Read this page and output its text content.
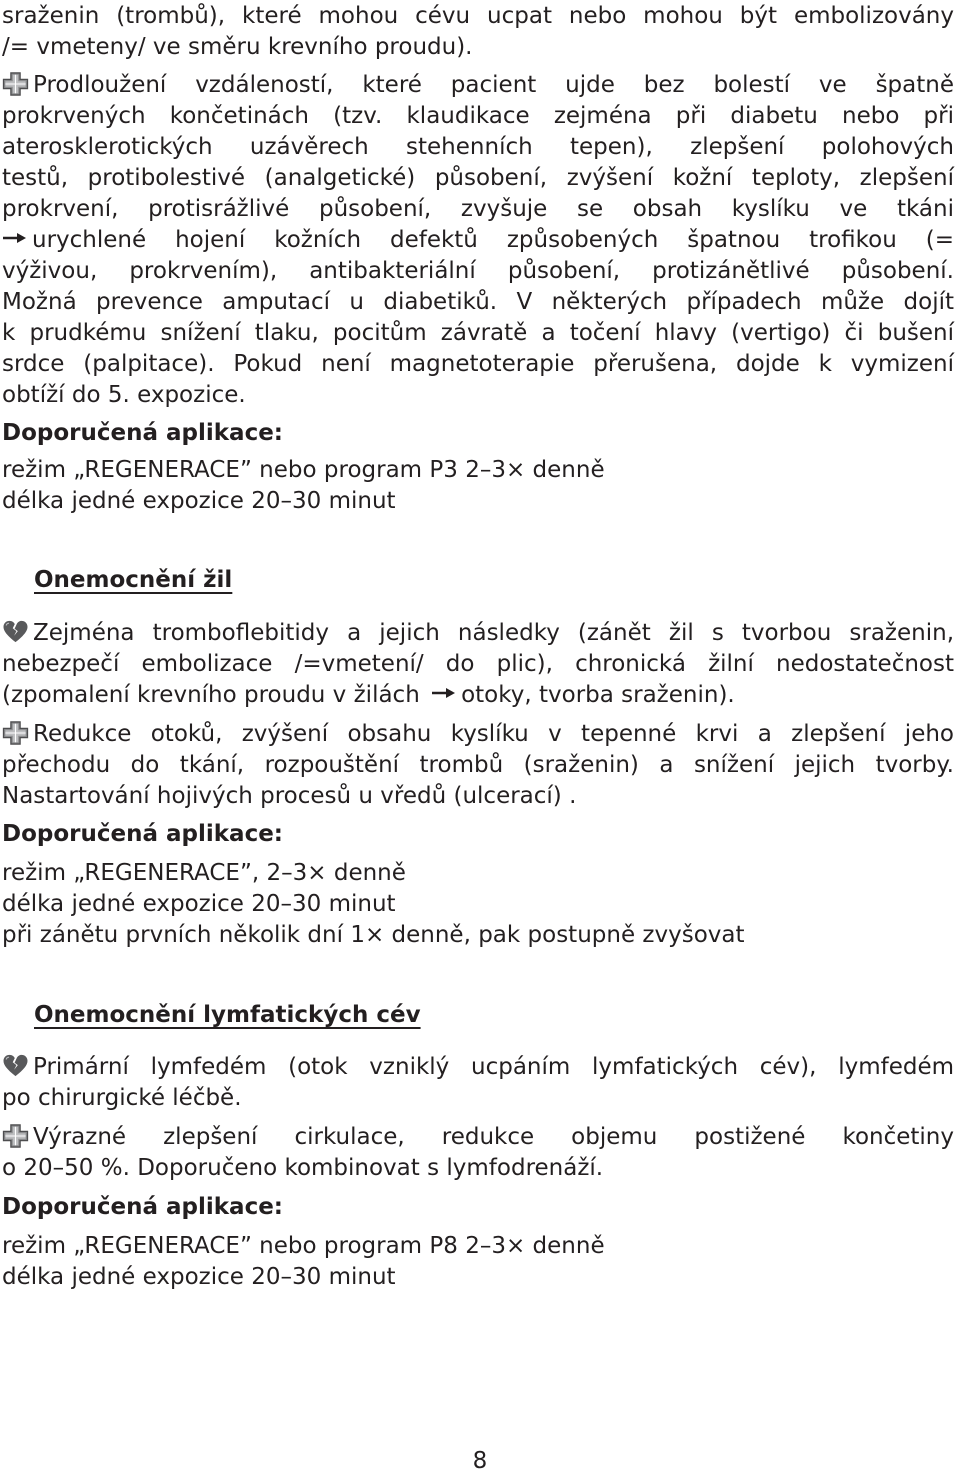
sraženin (trombů), které mohou cévu ucpat nebo mohou být embolizovány
/= vmeteny/ ve směru krevního proudu).
Prodloužení vzdáleností, které pacient ujde bez bolestí ve špatně
prokrvených končetinách (tzv. klaudikace zejména při diabetu nebo při
aterosklerotických uzávěrech stehenních tepen), zlepšení polohových
testů, protibolestivé (analgetické) působení, zvýšení kožní teploty, zlepšení
prokrvení, protisrážlivé působení, zvyšuje se obsah kyslíku ve tkáni
urychlené hojení kožních defektů způsobených špatnou trofikou (=
výživou, prokrvením), antibakteriální působení, protizánětlivé působení.
Možná prevence amputací u diabetiků. V některých případech může dojít
k prudkému snížení tlaku, pocitům závratě a točení hlavy (vertigo) či bušení
srdce (palpitace). Pokud není magnetoterapie přerušena, dojde k vymizení
obtíží do 5. expozice.
Doporučená aplikace:
režim „REGENERACE” nebo program P3 2–3× denně
délka jedné expozice 20–30 minut
Onemocnění žil
Zejména tromboflebitidy a jejich následky (zánět žil s tvorbou sraženin,
nebezpečí embolizace /=vmetení/ do plic), chronická žilní nedostatečnost
(zpomalení krevního proudu v žilách otoky, tvorba sraženin).
Redukce otoků, zvýšení obsahu kyslíku v tepenné krvi a zlepšení jeho
přechodu do tkání, rozpouštění trombů (sraženin) a snížení jejich tvorby.
Nastartování hojivých procesů u vředů (ulcerací) .
Doporučená aplikace:
režim „REGENERACE”, 2–3× denně
délka jedné expozice 20–30 minut
při zánětu prvních několik dní 1× denně, pak postupně zvyšovat
Onemocnění lymfatických cév
Primární lymfedém (otok vzniklý ucpáním lymfatických cév), lymfedém
po chirurgické léčbě.
Výrazné zlepšení cirkulace, redukce objemu postižené končetiny
o 20–50 %. Doporučeno kombinovat s lymfodrenáží.
Doporučená aplikace:
režim „REGENERACE” nebo program P8 2–3× denně
délka jedné expozice 20–30 minut
8
